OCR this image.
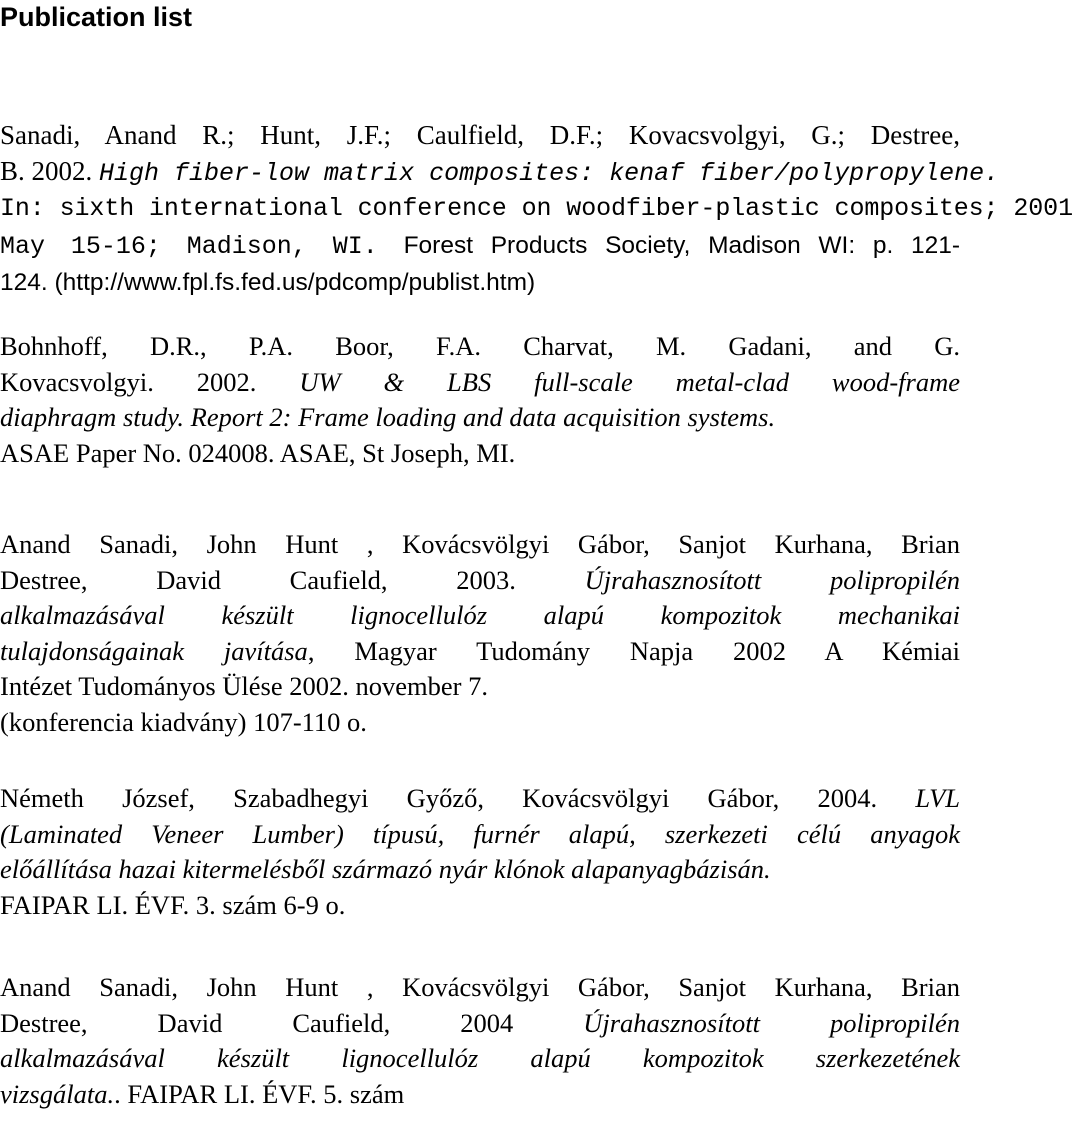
Publication list
Sanadi, Anand R.; Hunt, J.F.; Caulfield, D.F.; Kovacsvolgyi, G.; Destree,
B. 2002. High fiber-low matrix composites: kenaf fiber/polypropylene.
In: sixth international conference on woodfiber-plastic composites; 2001
May 15-16; Madison, WI. Forest Products Society, Madison WI: p. 121-
124. (http://www.fpl.fs.fed.us/pdcomp/publist.htm)
Bohnhoff, D.R., P.A. Boor, F.A. Charvat, M. Gadani, and G.
Kovacsvolgyi. 2002. UW & LBS full-scale metal-clad wood-frame
diaphragm study. Report 2: Frame loading and data acquisition systems.
ASAE Paper No. 024008. ASAE, St Joseph, MI.
Anand Sanadi, John Hunt , Kovácsvölgyi Gábor, Sanjot Kurhana, Brian
Destree, David Caufield, 2003. Újrahasznosított polipropilén
alkalmazásával készült lignocellulóz alapú kompozitok mechanikai
tulajdonságainak javítása, Magyar Tudomány Napja 2002 A Kémiai
Intézet Tudományos Ülése 2002. november 7.
(konferencia kiadvány) 107-110 o.
Németh József, Szabadhegyi Győző, Kovácsvölgyi Gábor, 2004. LVL
(Laminated Veneer Lumber) típusú, furnér alapú, szerkezeti célú anyagok
előállítása hazai kitermelésből származó nyár klónok alapanyagbázisán.
FAIPAR LI. ÉVF. 3. szám 6-9 o.
Anand Sanadi, John Hunt , Kovácsvölgyi Gábor, Sanjot Kurhana, Brian
Destree, David Caufield, 2004 Újrahasznosított polipropilén
alkalmazásával készült lignocellulóz alapú kompozitok szerkezetének
vizsgálata.. FAIPAR LI. ÉVF. 5. szám
